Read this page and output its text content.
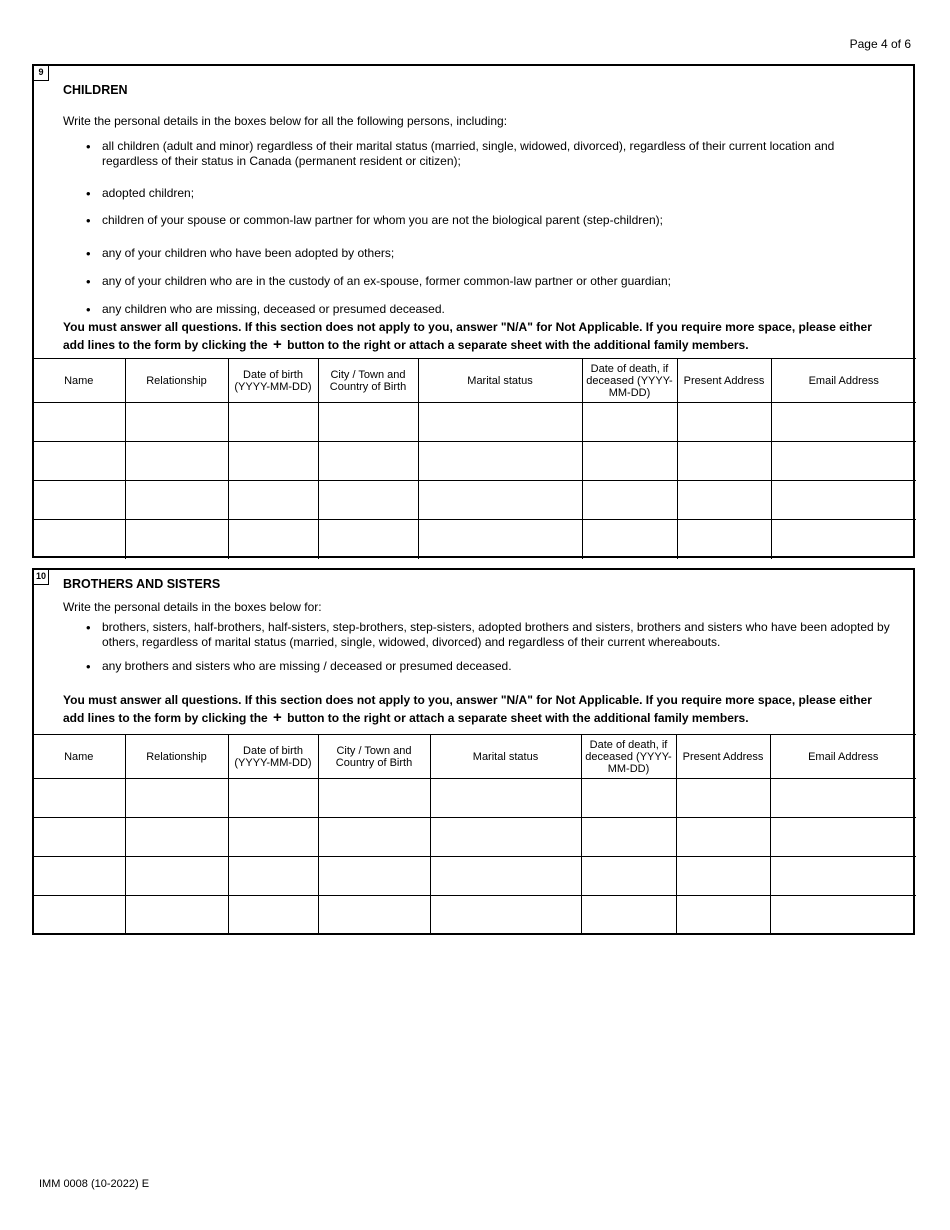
Page 4 of 6
9
CHILDREN
Write the personal details in the boxes below for all the following persons, including:
• all children (adult and minor) regardless of their marital status (married, single, widowed, divorced), regardless of their current location and regardless of their status in Canada (permanent resident or citizen);
• adopted children;
• children of your spouse or common-law partner for whom you are not the biological parent (step-children);
• any of your children who have been adopted by others;
• any of your children who are in the custody of an ex-spouse, former common-law partner or other guardian;
• any children who are missing, deceased or presumed deceased.
You must answer all questions. If this section does not apply to you, answer "N/A" for Not Applicable. If you require more space, please either add lines to the form by clicking the + button to the right or attach a separate sheet with the additional family members.
Name	Relationship	Date of birth (YYYY-MM-DD)	City / Town and Country of Birth	Marital status	Date of death, if deceased (YYYY-MM-DD)	Present Address	Email Address

10
BROTHERS AND SISTERS
Write the personal details in the boxes below for:
• brothers, sisters, half-brothers, half-sisters, step-brothers, step-sisters, adopted brothers and sisters, brothers and sisters who have been adopted by others, regardless of marital status (married, single, widowed, divorced) and regardless of their current whereabouts.
• any brothers and sisters who are missing / deceased or presumed deceased.
You must answer all questions. If this section does not apply to you, answer "N/A" for Not Applicable. If you require more space, please either add lines to the form by clicking the + button to the right or attach a separate sheet with the additional family members.
Name	Relationship	Date of birth (YYYY-MM-DD)	City / Town and Country of Birth	Marital status	Date of death, if deceased (YYYY-MM-DD)	Present Address	Email Address

IMM 0008 (10-2022) E
